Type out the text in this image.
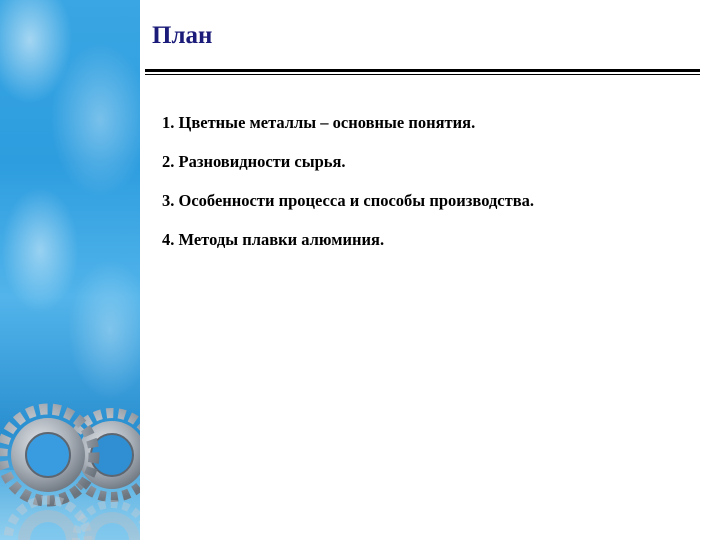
План
1. Цветные металлы – основные понятия.
2. Разновидности сырья.
3. Особенности процесса и способы производства.
4. Методы плавки алюминия.
